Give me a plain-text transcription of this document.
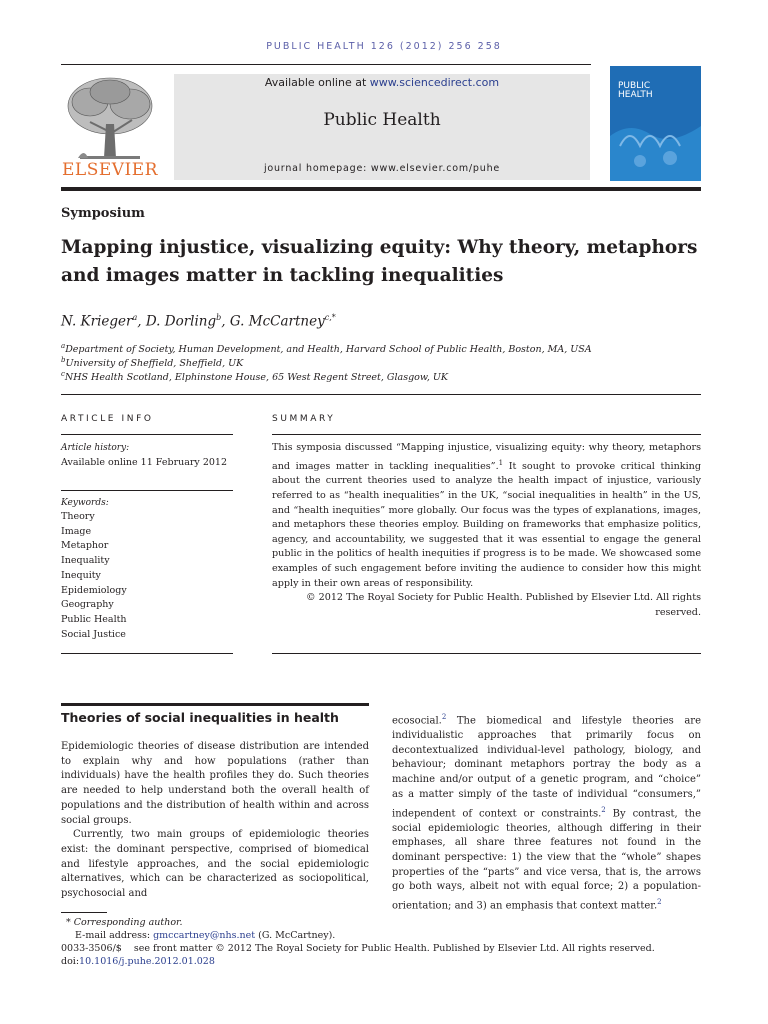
PUBLIC HEALTH 126 (2012) 256 258
ELSEVIER
Available online at www.sciencedirect.com
Public Health
journal homepage: www.elsevier.com/puhe
PUBLIC
HEALTH
Symposium
Mapping injustice, visualizing equity: Why theory, metaphors and images matter in tackling inequalities
N. Krieger$^a$, D. Dorling$^b$, G. McCartney$^{c,*}$
$^a$Department of Society, Human Development, and Health, Harvard School of Public Health, Boston, MA, USA
$^b$University of Sheffield, Sheffield, UK
$^c$NHS Health Scotland, Elphinstone House, 65 West Regent Street, Glasgow, UK
ARTICLE INFO
Article history:
Available online 11 February 2012
Keywords:
Theory
Image
Metaphor
Inequality
Inequity
Epidemiology
Geography
Public Health
Social Justice
SUMMARY

This symposia discussed “Mapping injustice, visualizing equity: why theory, metaphors and images matter in tackling inequalities”.$^1$ It sought to provoke critical thinking about the current theories used to analyze the health impact of injustice, variously referred to as “health inequalities” in the UK, “social inequalities in health” in the US, and “health inequities” more globally. Our focus was the types of explanations, images, and metaphors these theories employ. Building on frameworks that emphasize politics, agency, and accountability, we suggested that it was essential to engage the general public in the politics of health inequities if progress is to be made. We showcased some examples of such engagement before inviting the audience to consider how this might apply in their own areas of responsibility.

© 2012 The Royal Society for Public Health. Published by Elsevier Ltd. All rights reserved.

Theories of social inequalities in health

Epidemiologic theories of disease distribution are intended to explain why and how populations (rather than individuals) have the health profiles they do. Such theories are needed to help understand both the overall health of populations and the distribution of health within and across social groups.

Currently, two main groups of epidemiologic theories exist: the dominant perspective, comprised of biomedical and lifestyle approaches, and the social epidemiologic alternatives, which can be characterized as sociopolitical, psychosocial and

ecosocial.$^2$ The biomedical and lifestyle theories are individualistic approaches that primarily focus on decontextualized individual-level pathology, biology, and behaviour; dominant metaphors portray the body as a machine and/or output of a genetic program, and “choice” as a matter simply of the taste of individual “consumers,” independent of context or constraints.$^2$ By contrast, the social epidemiologic theories, although differing in their emphases, all share three features not found in the dominant perspective: 1) the view that the “whole” shapes properties of the “parts” and vice versa, that is, the arrows go both ways, albeit not with equal force; 2) a population-orientation; and 3) an emphasis that context matter.$^2$

* Corresponding author.
E-mail address: gmccartney@nhs.net (G. McCartney).
0033-3506/$    see front matter © 2012 The Royal Society for Public Health. Published by Elsevier Ltd. All rights reserved.
doi:10.1016/j.puhe.2012.01.028
